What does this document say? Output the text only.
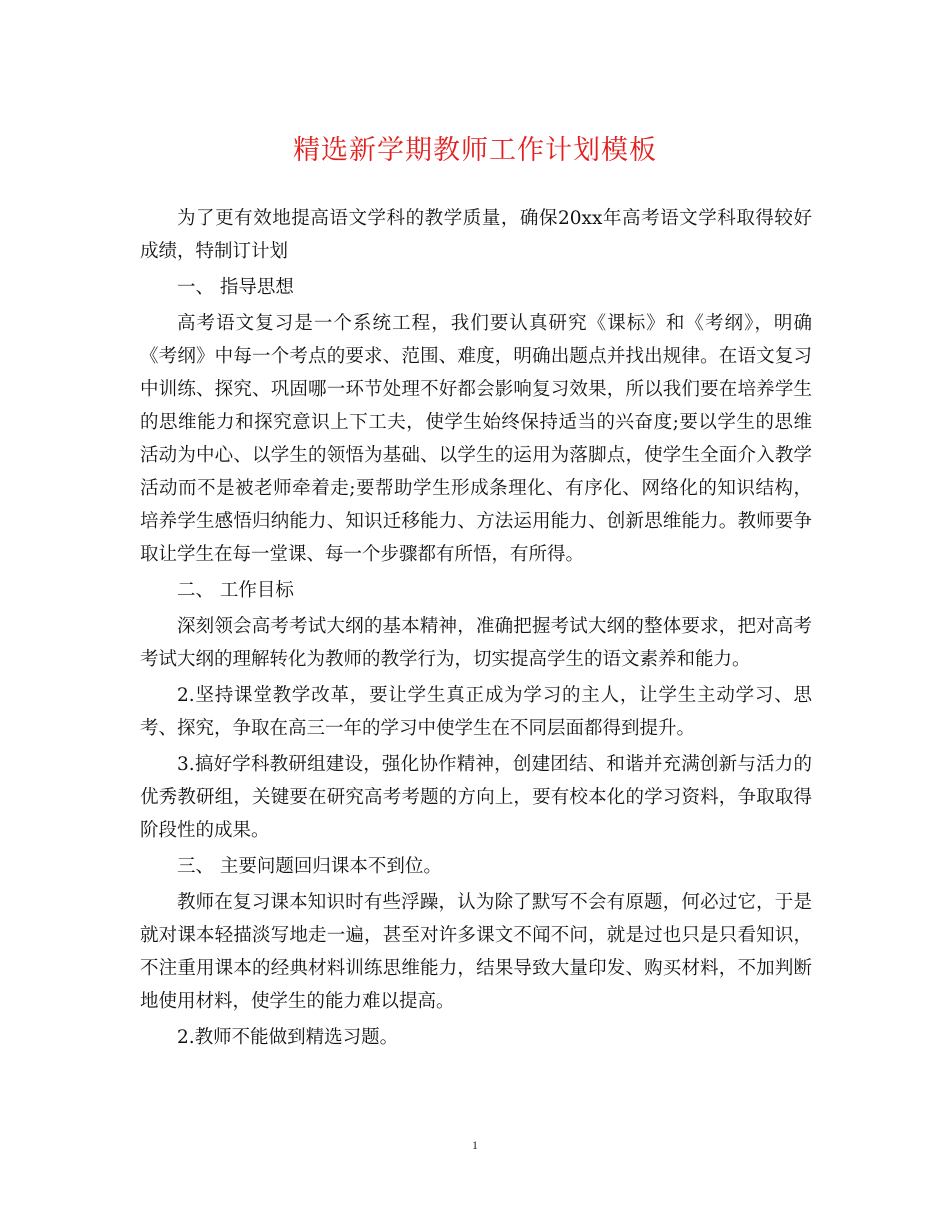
精选新学期教师工作计划模板

为了更有效地提高语文学科的教学质量，确保20xx年高考语文学科取得较好成绩，特制订计划

一、 指导思想

高考语文复习是一个系统工程，我们要认真研究《课标》和《考纲》，明确《考纲》中每一个考点的要求、范围、难度，明确出题点并找出规律。在语文复习中训练、探究、巩固哪一环节处理不好都会影响复习效果，所以我们要在培养学生的思维能力和探究意识上下工夫，使学生始终保持适当的兴奋度;要以学生的思维活动为中心、以学生的领悟为基础、以学生的运用为落脚点，使学生全面介入教学活动而不是被老师牵着走;要帮助学生形成条理化、有序化、网络化的知识结构，培养学生感悟归纳能力、知识迁移能力、方法运用能力、创新思维能力。教师要争取让学生在每一堂课、每一个步骤都有所悟，有所得。

二、 工作目标

深刻领会高考考试大纲的基本精神，准确把握考试大纲的整体要求，把对高考考试大纲的理解转化为教师的教学行为，切实提高学生的语文素养和能力。

2.坚持课堂教学改革，要让学生真正成为学习的主人，让学生主动学习、思考、探究，争取在高三一年的学习中使学生在不同层面都得到提升。

3.搞好学科教研组建设，强化协作精神，创建团结、和谐并充满创新与活力的优秀教研组，关键要在研究高考考题的方向上，要有校本化的学习资料，争取取得阶段性的成果。

三、 主要问题回归课本不到位。

教师在复习课本知识时有些浮躁，认为除了默写不会有原题，何必过它，于是就对课本轻描淡写地走一遍，甚至对许多课文不闻不问，就是过也只是只看知识，不注重用课本的经典材料训练思维能力，结果导致大量印发、购买材料，不加判断地使用材料，使学生的能力难以提高。

2.教师不能做到精选习题。

1
